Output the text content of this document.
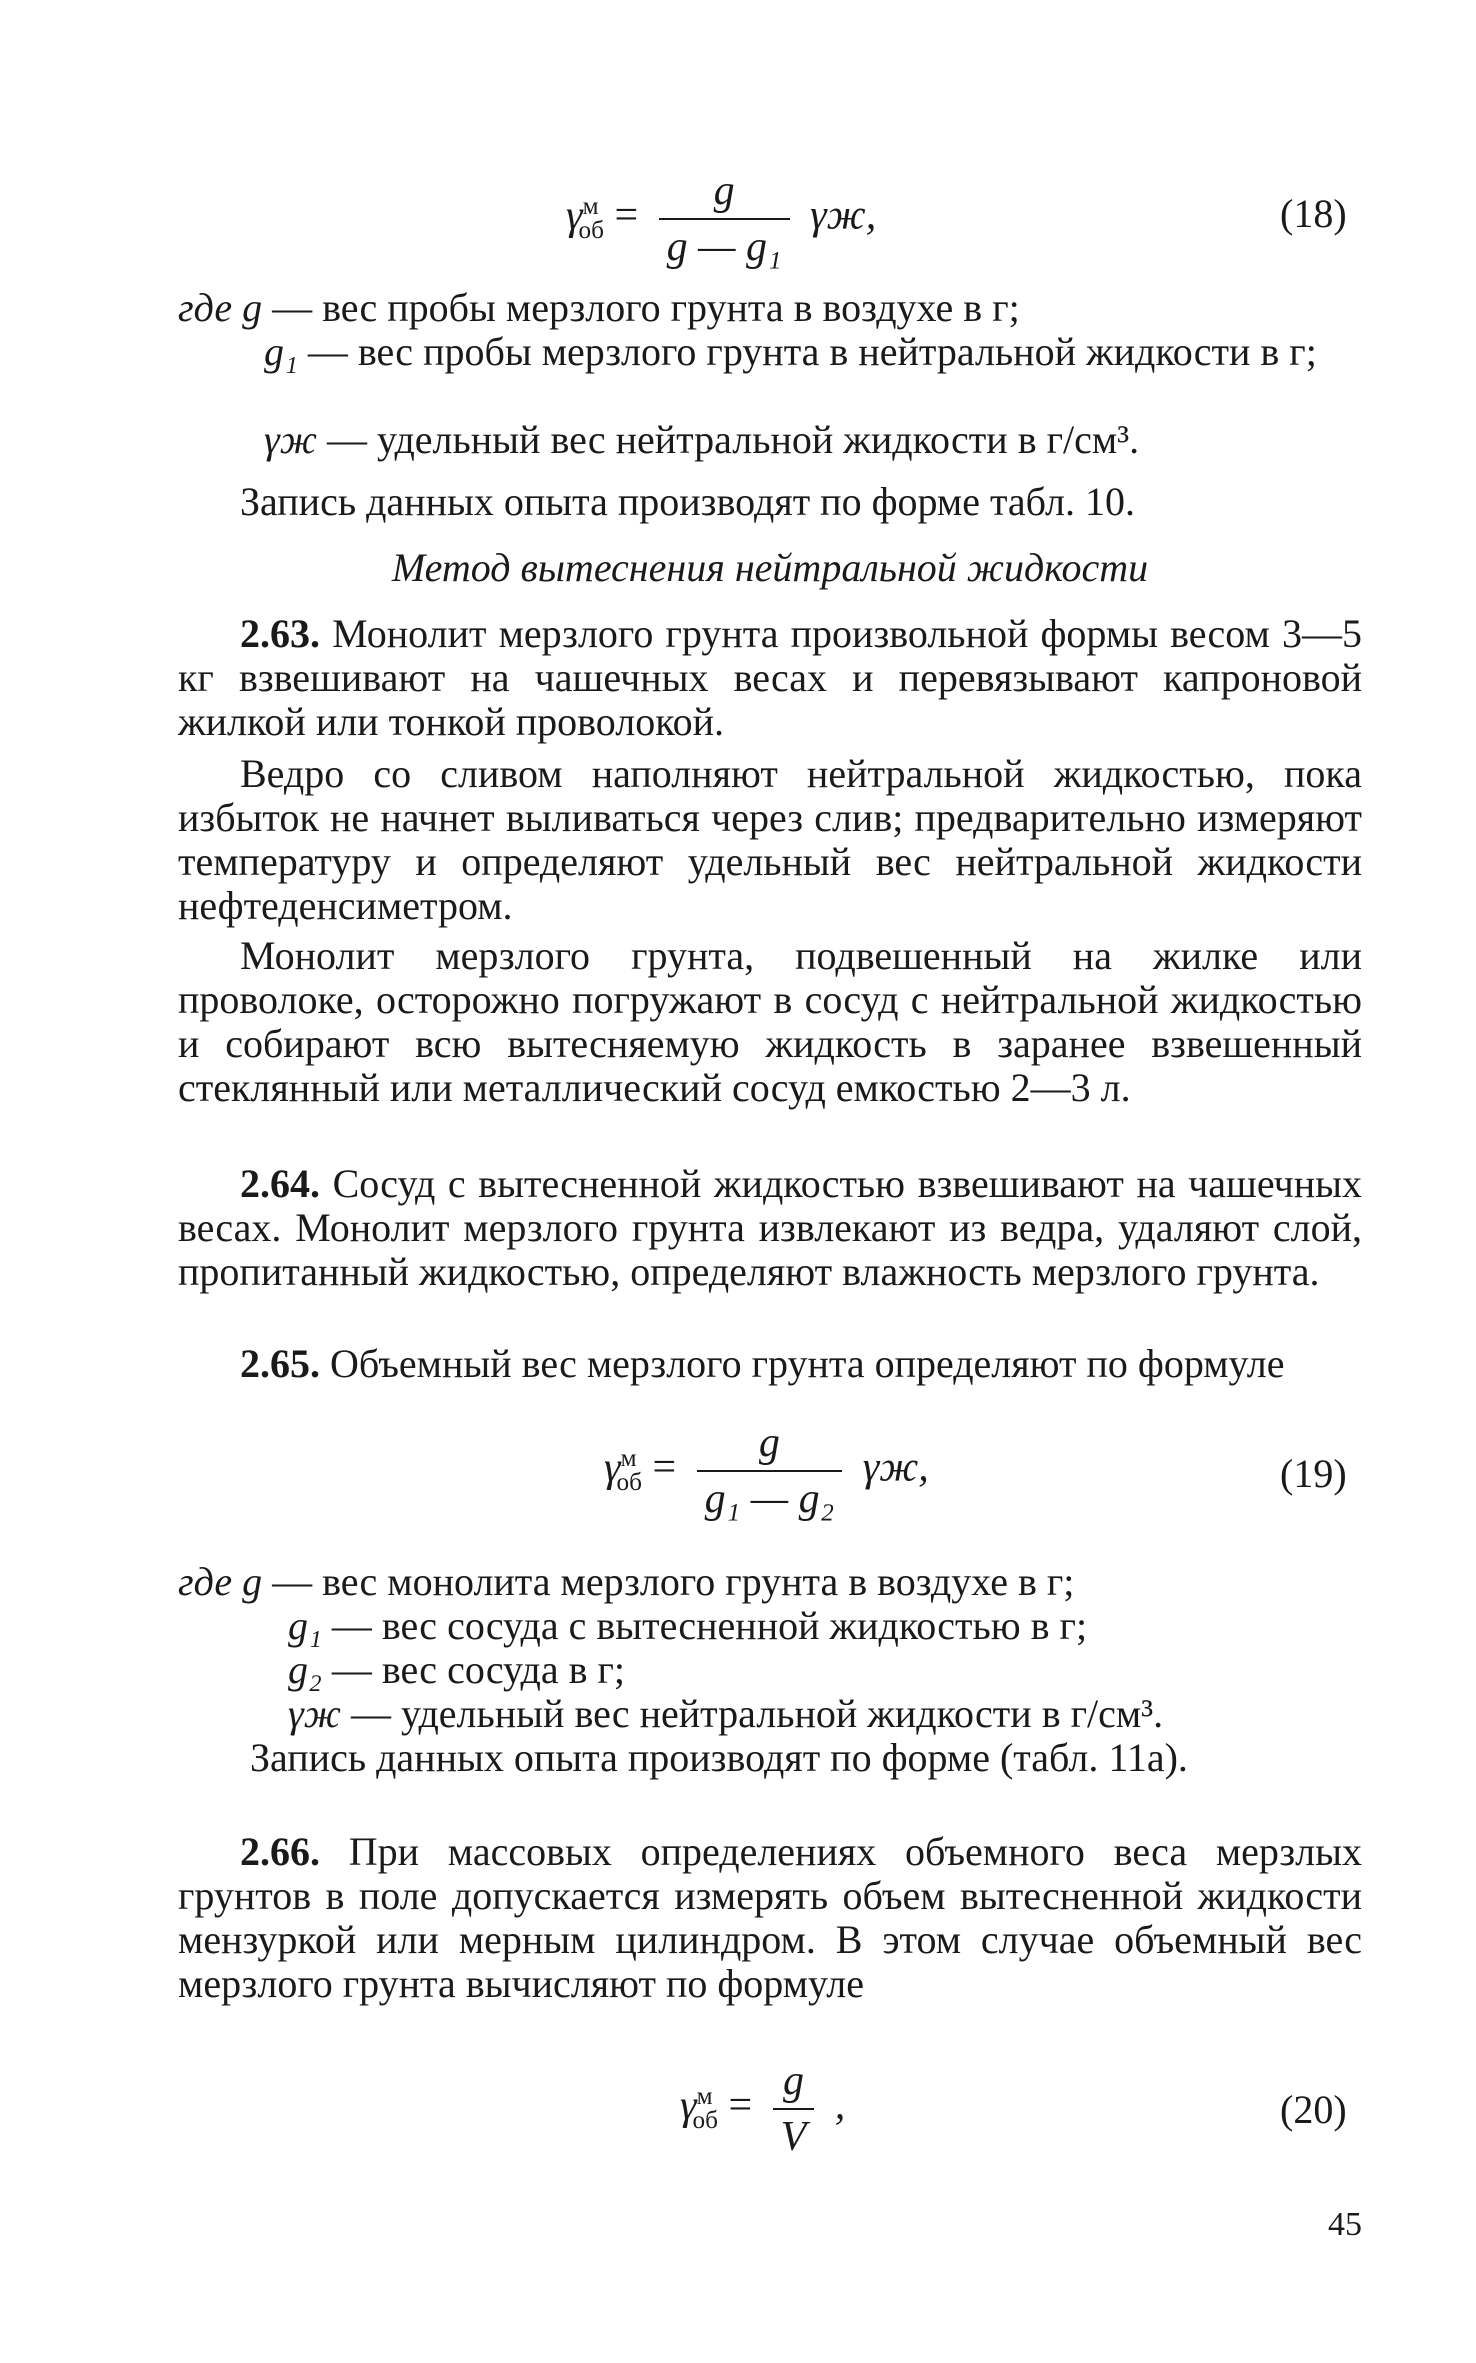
$\gamma^м_{об} = \frac{g}{\text{g — g₁}} \gamma ж$,	(18)
где g — вес пробы мерзлого грунта в воздухе в г;
g₁ — вес пробы мерзлого грунта в нейтральной жидкости в г;
γж — удельный вес нейтральной жидкости в г/см³.
Запись данных опыта производят по форме табл. 10.
Метод вытеснения нейтральной жидкости
2.63. Монолит мерзлого грунта произвольной формы весом 3—5 кг взвешивают на чашечных весах и перевязывают капроновой жилкой или тонкой проволокой.
Ведро со сливом наполняют нейтральной жидкостью, пока избыток не начнет выливаться через слив; предварительно измеряют температуру и определяют удельный вес нейтральной жидкости нефтеденсиметром.
Монолит мерзлого грунта, подвешенный на жилке или проволоке, осторожно погружают в сосуд с нейтральной жидкостью и собирают всю вытесняемую жидкость в заранее взвешенный стеклянный или металлический сосуд емкостью 2—3 л.
2.64. Сосуд с вытесненной жидкостью взвешивают на чашечных весах. Монолит мерзлого грунта извлекают из ведра, удаляют слой, пропитанный жидкостью, определяют влажность мерзлого грунта.
2.65. Объемный вес мерзлого грунта определяют по формуле
$\gamma^м_{об} = \frac{g}{\text{g₁ — g₂}} \gamma ж$,	(19)
где g — вес монолита мерзлого грунта в воздухе в г;
g₁ — вес сосуда с вытесненной жидкостью в г;
g₂ — вес сосуда в г;
γж — удельный вес нейтральной жидкости в г/см³.
Запись данных опыта производят по форме (табл. 11а).
2.66. При массовых определениях объемного веса мерзлых грунтов в поле допускается измерять объем вытесненной жидкости мензуркой или мерным цилиндром. В этом случае объемный вес мерзлого грунта вычисляют по формуле
$\gamma^м_{об} = \frac{g}{V}$ ,	(20)
45
